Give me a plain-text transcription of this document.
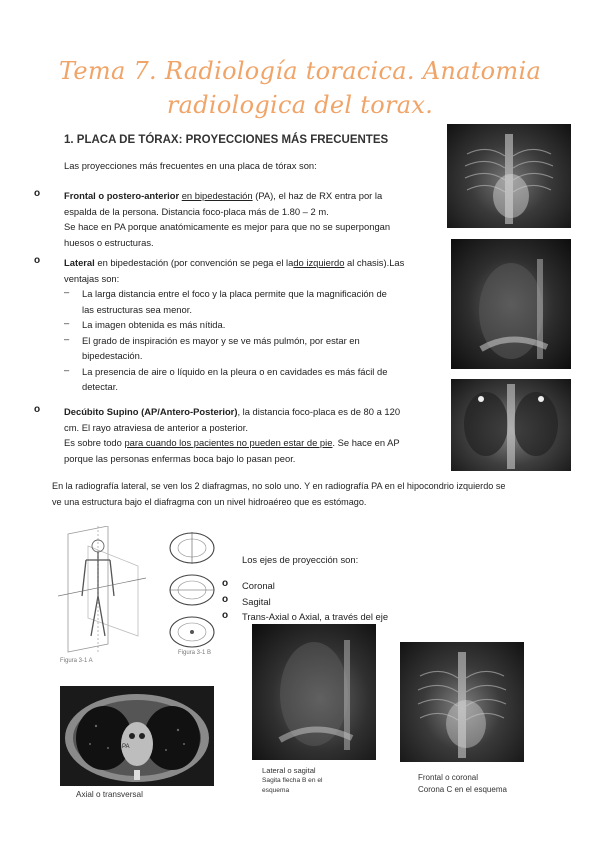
Tema 7. Radiología toracica. Anatomia
radiologica del torax.
1. PLACA DE TÓRAX: PROYECCIONES MÁS FRECUENTES
Las proyecciones más frecuentes en una placa de tórax son:
o	Frontal o postero-anterior en bipedestación (PA), el haz de RX entra por la
espalda de la persona. Distancia foco-placa más de 1.80 – 2 m.
Se hace en PA porque anatómicamente es mejor para que no se superpongan
huesos o estructuras.
o	Lateral en bipedestación (por convención se pega el lado izquierdo al chasis).Las
ventajas son:
–
–
–
–
La larga distancia entre el foco y la placa permite que la magnificación de
las estructuras sea menor.
La imagen obtenida es más nítida.
El grado de inspiración es mayor y se ve más pulmón, por estar en
bipedestación.
La presencia de aire o líquido en la pleura o en cavidades es más fácil de
detectar.
o	Decúbito Supino (AP/Antero-Posterior), la distancia foco-placa es de 80 a 120
cm. El rayo atraviesa de anterior a posterior.
Es sobre todo para cuando los pacientes no pueden estar de pie. Se hace en AP
porque las personas enfermas boca bajo lo pasan peor.
En la radiografía lateral, se ven los 2 diafragmas, no solo uno. Y en radiografía PA en el hipocondrio izquierdo se
ve una estructura bajo el diafragma con un nivel hidroaéreo que es estómago.
Figura 3-1 A
Figura 3-1 B
Los ejes de proyección son:
o
o
o
Coronal
Sagital
Trans-Axial o Axial, a través del eje
Lateral o sagital
Sagita flecha B en el
esquema
Frontal o coronal
Corona C en el esquema
PA
Axial o transversal
